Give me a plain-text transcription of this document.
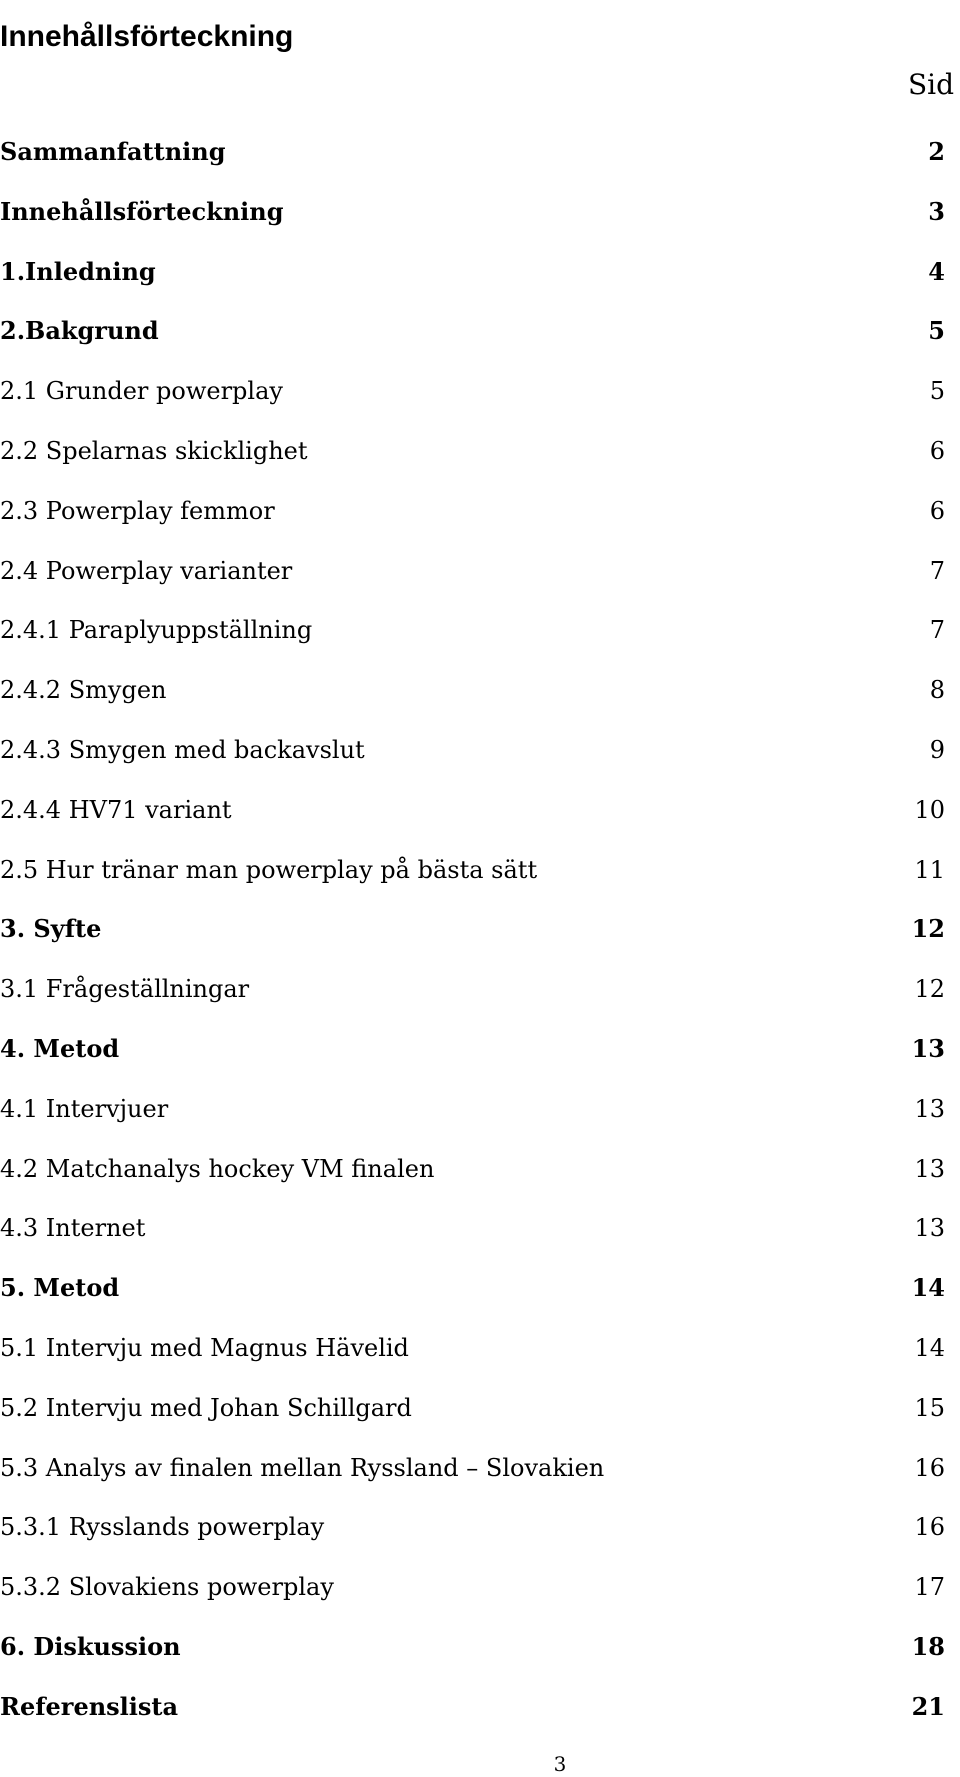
Innehållsförteckning
Sid
Sammanfattning	2
Innehållsförteckning	3
1.Inledning	4
2.Bakgrund	5
2.1 Grunder powerplay	5
2.2 Spelarnas skicklighet	6
2.3 Powerplay femmor	6
2.4 Powerplay varianter	7
2.4.1 Paraplyuppställning	7
2.4.2 Smygen	8
2.4.3 Smygen med backavslut	9
2.4.4 HV71 variant	10
2.5 Hur tränar man powerplay på bästa sätt	11
3. Syfte	12
3.1 Frågeställningar	12
4. Metod	13
4.1 Intervjuer	13
4.2 Matchanalys hockey VM finalen	13
4.3 Internet	13
5. Metod	14
5.1 Intervju med Magnus Hävelid	14
5.2 Intervju med Johan Schillgard	15
5.3 Analys av finalen mellan Ryssland – Slovakien	16
5.3.1 Rysslands powerplay	16
5.3.2 Slovakiens powerplay	17
6. Diskussion	18
Referenslista	21
3
